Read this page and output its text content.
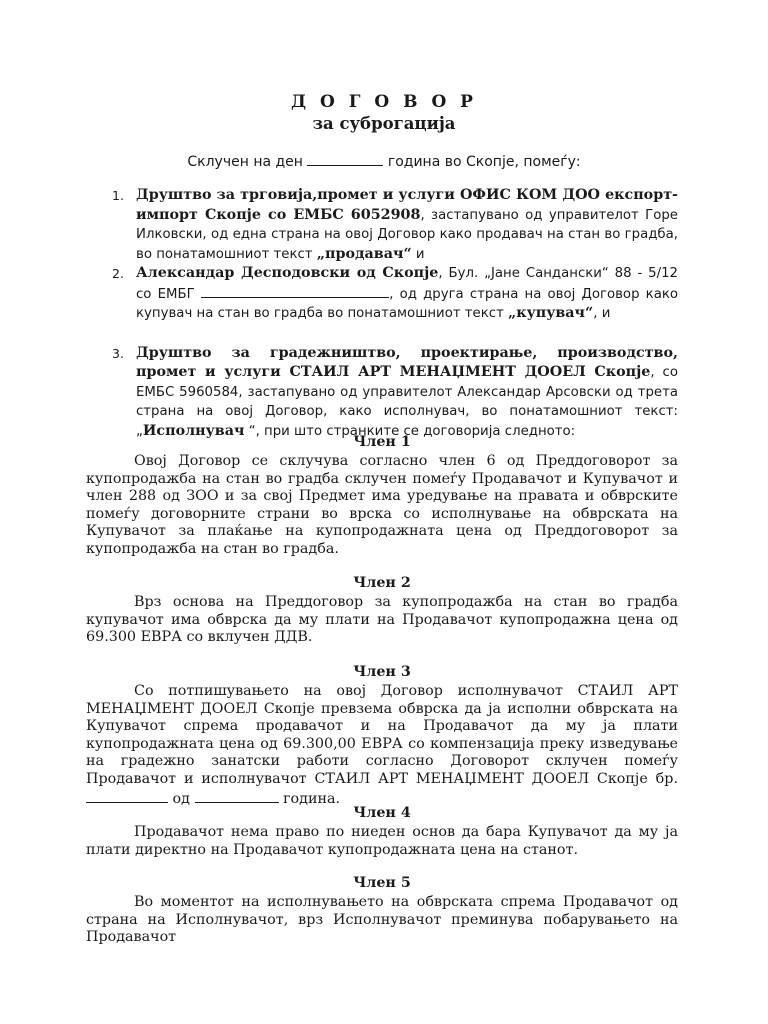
Д О Г О В О Р
за суброгација
Склучен на ден	година во Скопје, помеѓу:
1. Друштво за трговија,промет и услуги ОФИС КОМ ДОО експорт-импорт Скопје со ЕМБС 6052908, застапувано од управителот Горе Илковски, од една страна на овој Договор како продавач на стан во градба, во понатамошниот текст „продавач“ и
2. Александар Десподовски од Скопје, Бул. „Јане Сандански“ 88 - 5/12 со ЕМБГ	, од друга страна на овој Договор како купувач на стан во градба во понатамошниот текст „купувач“, и
3. Друштво за градежништво, проектирање, производство, промет и услуги СТАИЛ АРТ МЕНАЏМЕНТ ДООЕЛ Скопје, со ЕМБС 5960584, застапувано од управителот Александар Арсовски од трета страна на овој Договор, како исполнувач, во понатамошниот текст: „Исполнувач “, при што странките се договорија следното:
Член 1

Овој Договор се склучува согласно член 6 од Преддоговорот за купопродажба на стан во градба склучен помеѓу Продавачот и Купувачот и член 288 од ЗОО и за свој Предмет има уредување на правата и обврските помеѓу договорните страни во врска со исполнување на обврската на Купувачот за плаќање на купопродажната цена од Преддоговорот за купопродажба на стан во градба.

Член 2

Врз основа на Преддоговор за купопродажба на стан во градба купувачот има обврска да му плати на Продавачот купопродажна цена од 69.300 ЕВРА со вклучен ДДВ.

Член 3

Со потпишувањето на овој Договор исполнувачот СТАИЛ АРТ МЕНАЏМЕНТ ДООЕЛ Скопје превзема обврска да ја исполни обврската на Купувачот спрема продавачот и на Продавачот да му ја плати купопродажната цена од 69.300,00 ЕВРА со компензација преку изведување на градежно занатски работи согласно Договорот склучен помеѓу Продавачот и исполнувачот СТАИЛ АРТ МЕНАЏМЕНТ ДООЕЛ Скопје бр.  од	година.

Член 4

Продавачот нема право по ниеден основ да бара Купувачот да му ја плати директно на Продавачот купопродажната цена на станот.

Член 5

Во моментот на исполнувањето на обврската спрема Продавачот од страна на Исполнувачот, врз Исполнувачот преминува побарувањето на Продавачот
